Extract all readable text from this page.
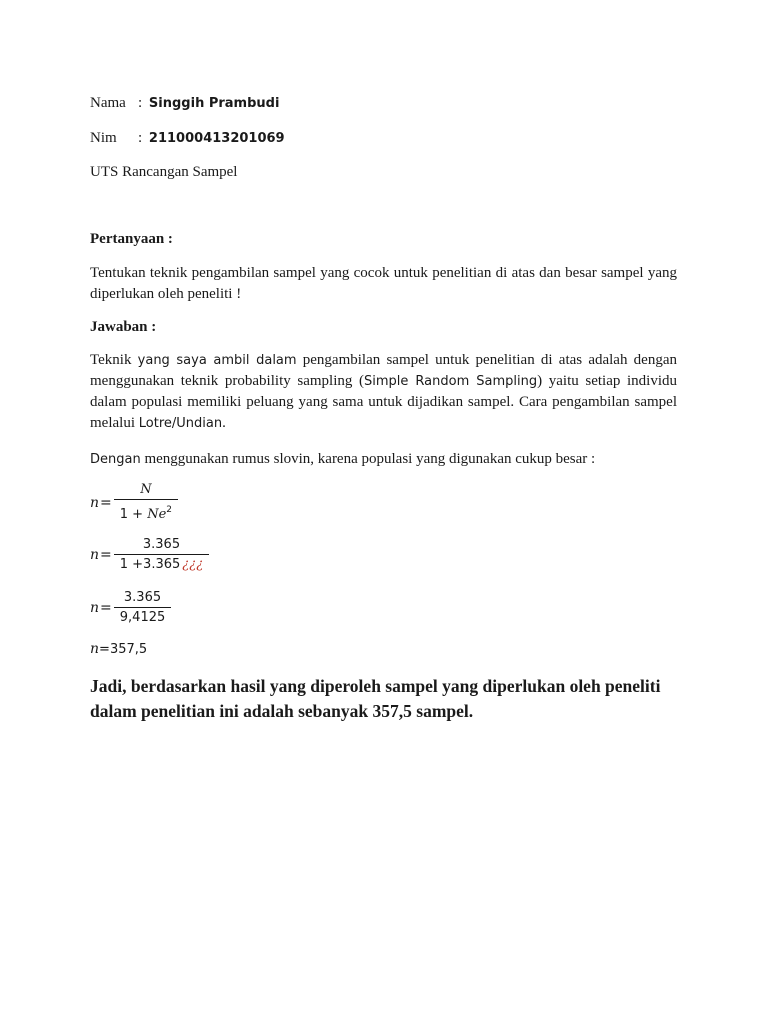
Nama : Singgih Prambudi
Nim : 211000413201069
UTS Rancangan Sampel
Pertanyaan :
Tentukan teknik pengambilan sampel yang cocok untuk penelitian di atas dan besar sampel yang diperlukan oleh peneliti !
Jawaban :
Teknik yang saya ambil dalam pengambilan sampel untuk penelitian di atas adalah dengan menggunakan teknik probability sampling (Simple Random Sampling) yaitu setiap individu dalam populasi memiliki peluang yang sama untuk dijadikan sampel. Cara pengambilan sampel melalui Lotre/Undian.
Dengan menggunakan rumus slovin, karena populasi yang digunakan cukup besar :
$n = \frac{N}{1 + Ne^2}$
$n = \frac{3.365}{1 +3.365 ¿¿¿}$
$n = \frac{3.365}{9,4125}$
n=357,5
Jadi, berdasarkan hasil yang diperoleh sampel yang diperlukan oleh peneliti dalam penelitian ini adalah sebanyak 357,5 sampel.
